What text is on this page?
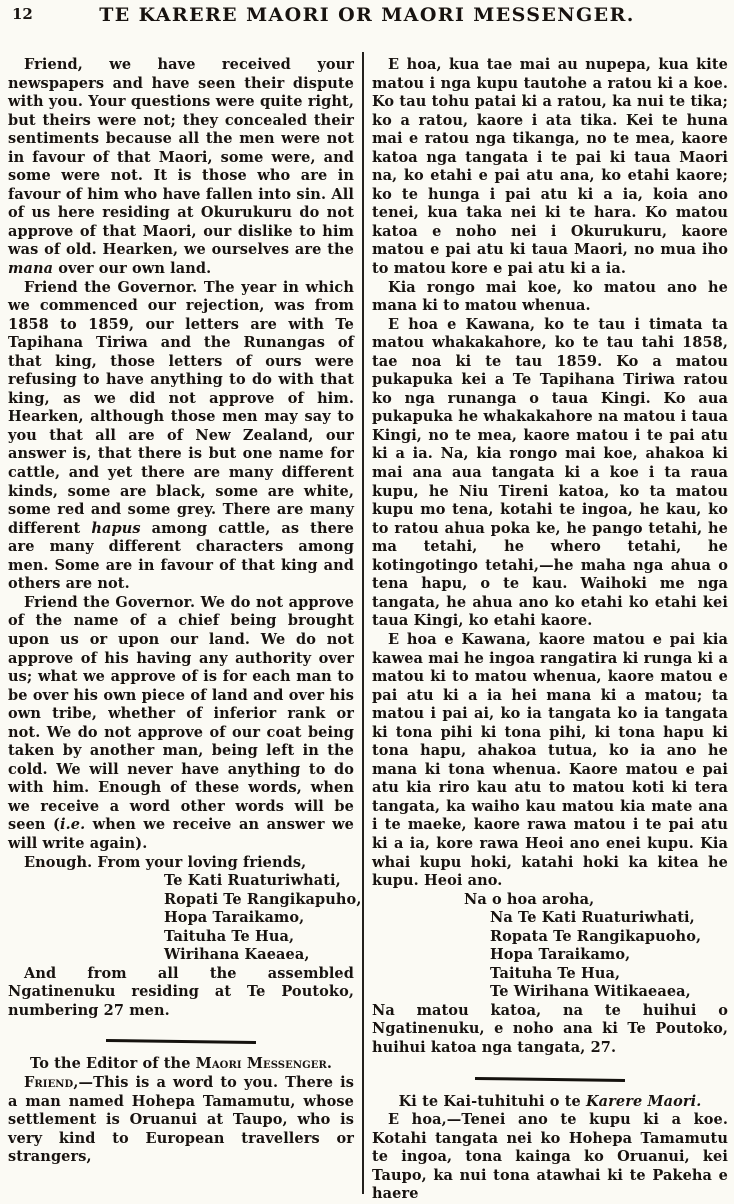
12	TE KARERE MAORI OR MAORI MESSENGER.

Friend, we have received your newspapers and have seen their dispute with you. Your questions were quite right, but theirs were not; they concealed their sentiments because all the men were not in favour of that Maori, some were, and some were not. It is those who are in favour of him who have fallen into sin. All of us here residing at Okurukuru do not approve of that Maori, our dislike to him was of old. Hearken, we ourselves are the mana over our own land.

Friend the Governor. The year in which we commenced our rejection, was from 1858 to 1859, our letters are with Te Tapihana Tiriwa and the Runangas of that king, those letters of ours were refusing to have anything to do with that king, as we did not approve of him. Hearken, although those men may say to you that all are of New Zealand, our answer is, that there is but one name for cattle, and yet there are many different kinds, some are black, some are white, some red and some grey. There are many different hapus among cattle, as there are many different characters among men. Some are in favour of that king and others are not.

Friend the Governor. We do not approve of the name of a chief being brought upon us or upon our land. We do not approve of his having any authority over us; what we approve of is for each man to be over his own piece of land and over his own tribe, whether of inferior rank or not. We do not approve of our coat being taken by another man, being left in the cold. We will never have anything to do with him. Enough of these words, when we receive a word other words will be seen (i.e. when we receive an answer we will write again).

Enough. From your loving friends,

Te Kati Ruaturiwhati,
Ropati Te Rangikapuho,
Hopa Taraikamo,
Taituha Te Hua,
Wirihana Kaeaea,

And from all the assembled Ngatinenuku residing at Te Poutoko, numbering 27 men.

To the Editor of the Maori Messenger.

Friend,—This is a word to you. There is a man named Hohepa Tamamutu, whose settlement is Oruanui at Taupo, who is very kind to European travellers or strangers,

E hoa, kua tae mai au nupepa, kua kite matou i nga kupu tautohe a ratou ki a koe. Ko tau tohu patai ki a ratou, ka nui te tika; ko a ratou, kaore i ata tika. Kei te huna mai e ratou nga tikanga, no te mea, kaore katoa nga tangata i te pai ki taua Maori na, ko etahi e pai atu ana, ko etahi kaore; ko te hunga i pai atu ki a ia, koia ano tenei, kua taka nei ki te hara. Ko matou katoa e noho nei i Okurukuru, kaore matou e pai atu ki taua Maori, no mua iho to matou kore e pai atu ki a ia.

Kia rongo mai koe, ko matou ano he mana ki to matou whenua.

E hoa e Kawana, ko te tau i timata ta matou whakakahore, ko te tau tahi 1858, tae noa ki te tau 1859. Ko a matou pukapuka kei a Te Tapihana Tiriwa ratou ko nga runanga o taua Kingi. Ko aua pukapuka he whakakahore na matou i taua Kingi, no te mea, kaore matou i te pai atu ki a ia. Na, kia rongo mai koe, ahakoa ki mai ana aua tangata ki a koe i ta raua kupu, he Niu Tireni katoa, ko ta matou kupu mo tena, kotahi te ingoa, he kau, ko to ratou ahua poka ke, he pango tetahi, he ma tetahi, he whero tetahi, he kotingotingo tetahi,—he maha nga ahua o tena hapu, o te kau. Waihoki me nga tangata, he ahua ano ko etahi ko etahi kei taua Kingi, ko etahi kaore.

E hoa e Kawana, kaore matou e pai kia kawea mai he ingoa rangatira ki runga ki a matou ki to matou whenua, kaore matou e pai atu ki a ia hei mana ki a matou; ta matou i pai ai, ko ia tangata ko ia tangata ki tona pihi ki tona pihi, ki tona hapu ki tona hapu, ahakoa tutua, ko ia ano he mana ki tona whenua. Kaore matou e pai atu kia riro kau atu to matou koti ki tera tangata, ka waiho kau matou kia mate ana i te maeke, kaore rawa matou i te pai atu ki a ia, kore rawa Heoi ano enei kupu. Kia whai kupu hoki, katahi hoki ka kitea he kupu. Heoi ano.

Na o hoa aroha,
Na Te Kati Ruaturiwhati,
Ropata Te Rangikapuoho,
Hopa Taraikamo,
Taituha Te Hua,
Te Wirihana Witikaeaea,

Na matou katoa, na te huihui o Ngatinenuku, e noho ana ki Te Poutoko, huihui katoa nga tangata, 27.

Ki te Kai-tuhituhi o te Karere Maori.

E hoa,—Tenei ano te kupu ki a koe. Kotahi tangata nei ko Hohepa Tamamutu te ingoa, tona kainga ko Oruanui, kei Taupo, ka nui tona atawhai ki te Pakeha e haere
